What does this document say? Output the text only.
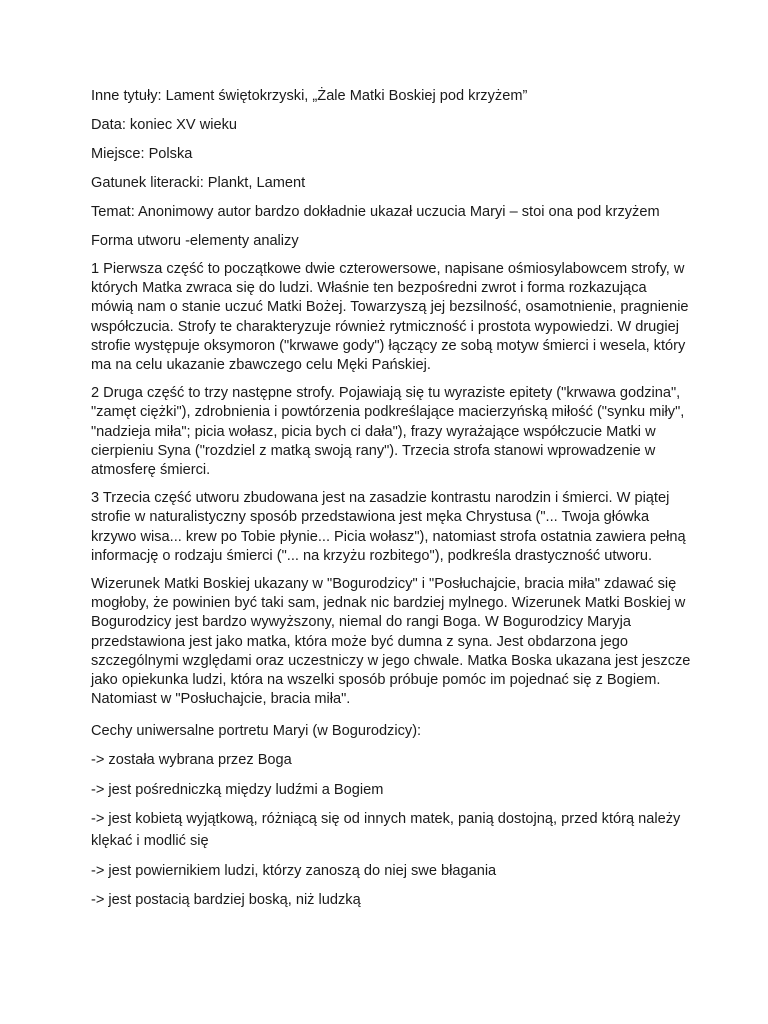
Inne tytuły: Lament świętokrzyski, „Żale Matki Boskiej pod krzyżem”
Data: koniec XV wieku
Miejsce: Polska
Gatunek literacki: Plankt, Lament
Temat: Anonimowy autor bardzo dokładnie ukazał uczucia Maryi – stoi ona pod krzyżem
Forma utworu -elementy analizy
1 Pierwsza część to początkowe dwie czterowersowe, napisane ośmiosylabowcem strofy, w
których Matka zwraca się do ludzi. Właśnie ten bezpośredni zwrot i forma rozkazująca
mówią nam o stanie uczuć Matki Bożej. Towarzyszą jej bezsilność, osamotnienie, pragnienie
współczucia. Strofy te charakteryzuje również rytmiczność i prostota wypowiedzi. W drugiej
strofie występuje oksymoron ("krwawe gody") łączący ze sobą motyw śmierci i wesela, który
ma na celu ukazanie zbawczego celu Męki Pańskiej.
2 Druga część to trzy następne strofy. Pojawiają się tu wyraziste epitety ("krwawa godzina",
"zamęt ciężki"), zdrobnienia i powtórzenia podkreślające macierzyńską miłość ("synku miły",
"nadzieja miła"; picia wołasz, picia bych ci dała"), frazy wyrażające współczucie Matki w
cierpieniu Syna ("rozdziel z matką swoją rany"). Trzecia strofa stanowi wprowadzenie w
atmosferę śmierci.
3 Trzecia część utworu zbudowana jest na zasadzie kontrastu narodzin i śmierci. W piątej
strofie w naturalistyczny sposób przedstawiona jest męka Chrystusa ("... Twoja główka
krzywo wisa... krew po Tobie płynie... Picia wołasz"), natomiast strofa ostatnia zawiera pełną
informację o rodzaju śmierci ("... na krzyżu rozbitego"), podkreśla drastyczność utworu.
Wizerunek Matki Boskiej ukazany w "Bogurodzicy" i "Posłuchajcie, bracia miła" zdawać się
mogłoby, że powinien być taki sam, jednak nic bardziej mylnego. Wizerunek Matki Boskiej w
Bogurodzicy jest bardzo wywyższony, niemal do rangi Boga. W Bogurodzicy Maryja
przedstawiona jest jako matka, która może być dumna z syna. Jest obdarzona jego
szczególnymi względami oraz uczestniczy w jego chwale. Matka Boska ukazana jest jeszcze
jako opiekunka ludzi, która na wszelki sposób próbuje pomóc im pojednać się z Bogiem.
Natomiast w "Posłuchajcie, bracia miła".
Cechy uniwersalne portretu Maryi (w Bogurodzicy):
-> została wybrana przez Boga
-> jest pośredniczką między ludźmi a Bogiem
-> jest kobietą wyjątkową, różniącą się od innych matek, panią dostojną, przed którą należy
klękać i modlić się
-> jest powiernikiem ludzi, którzy zanoszą do niej swe błagania
-> jest postacią bardziej boską, niż ludzką
